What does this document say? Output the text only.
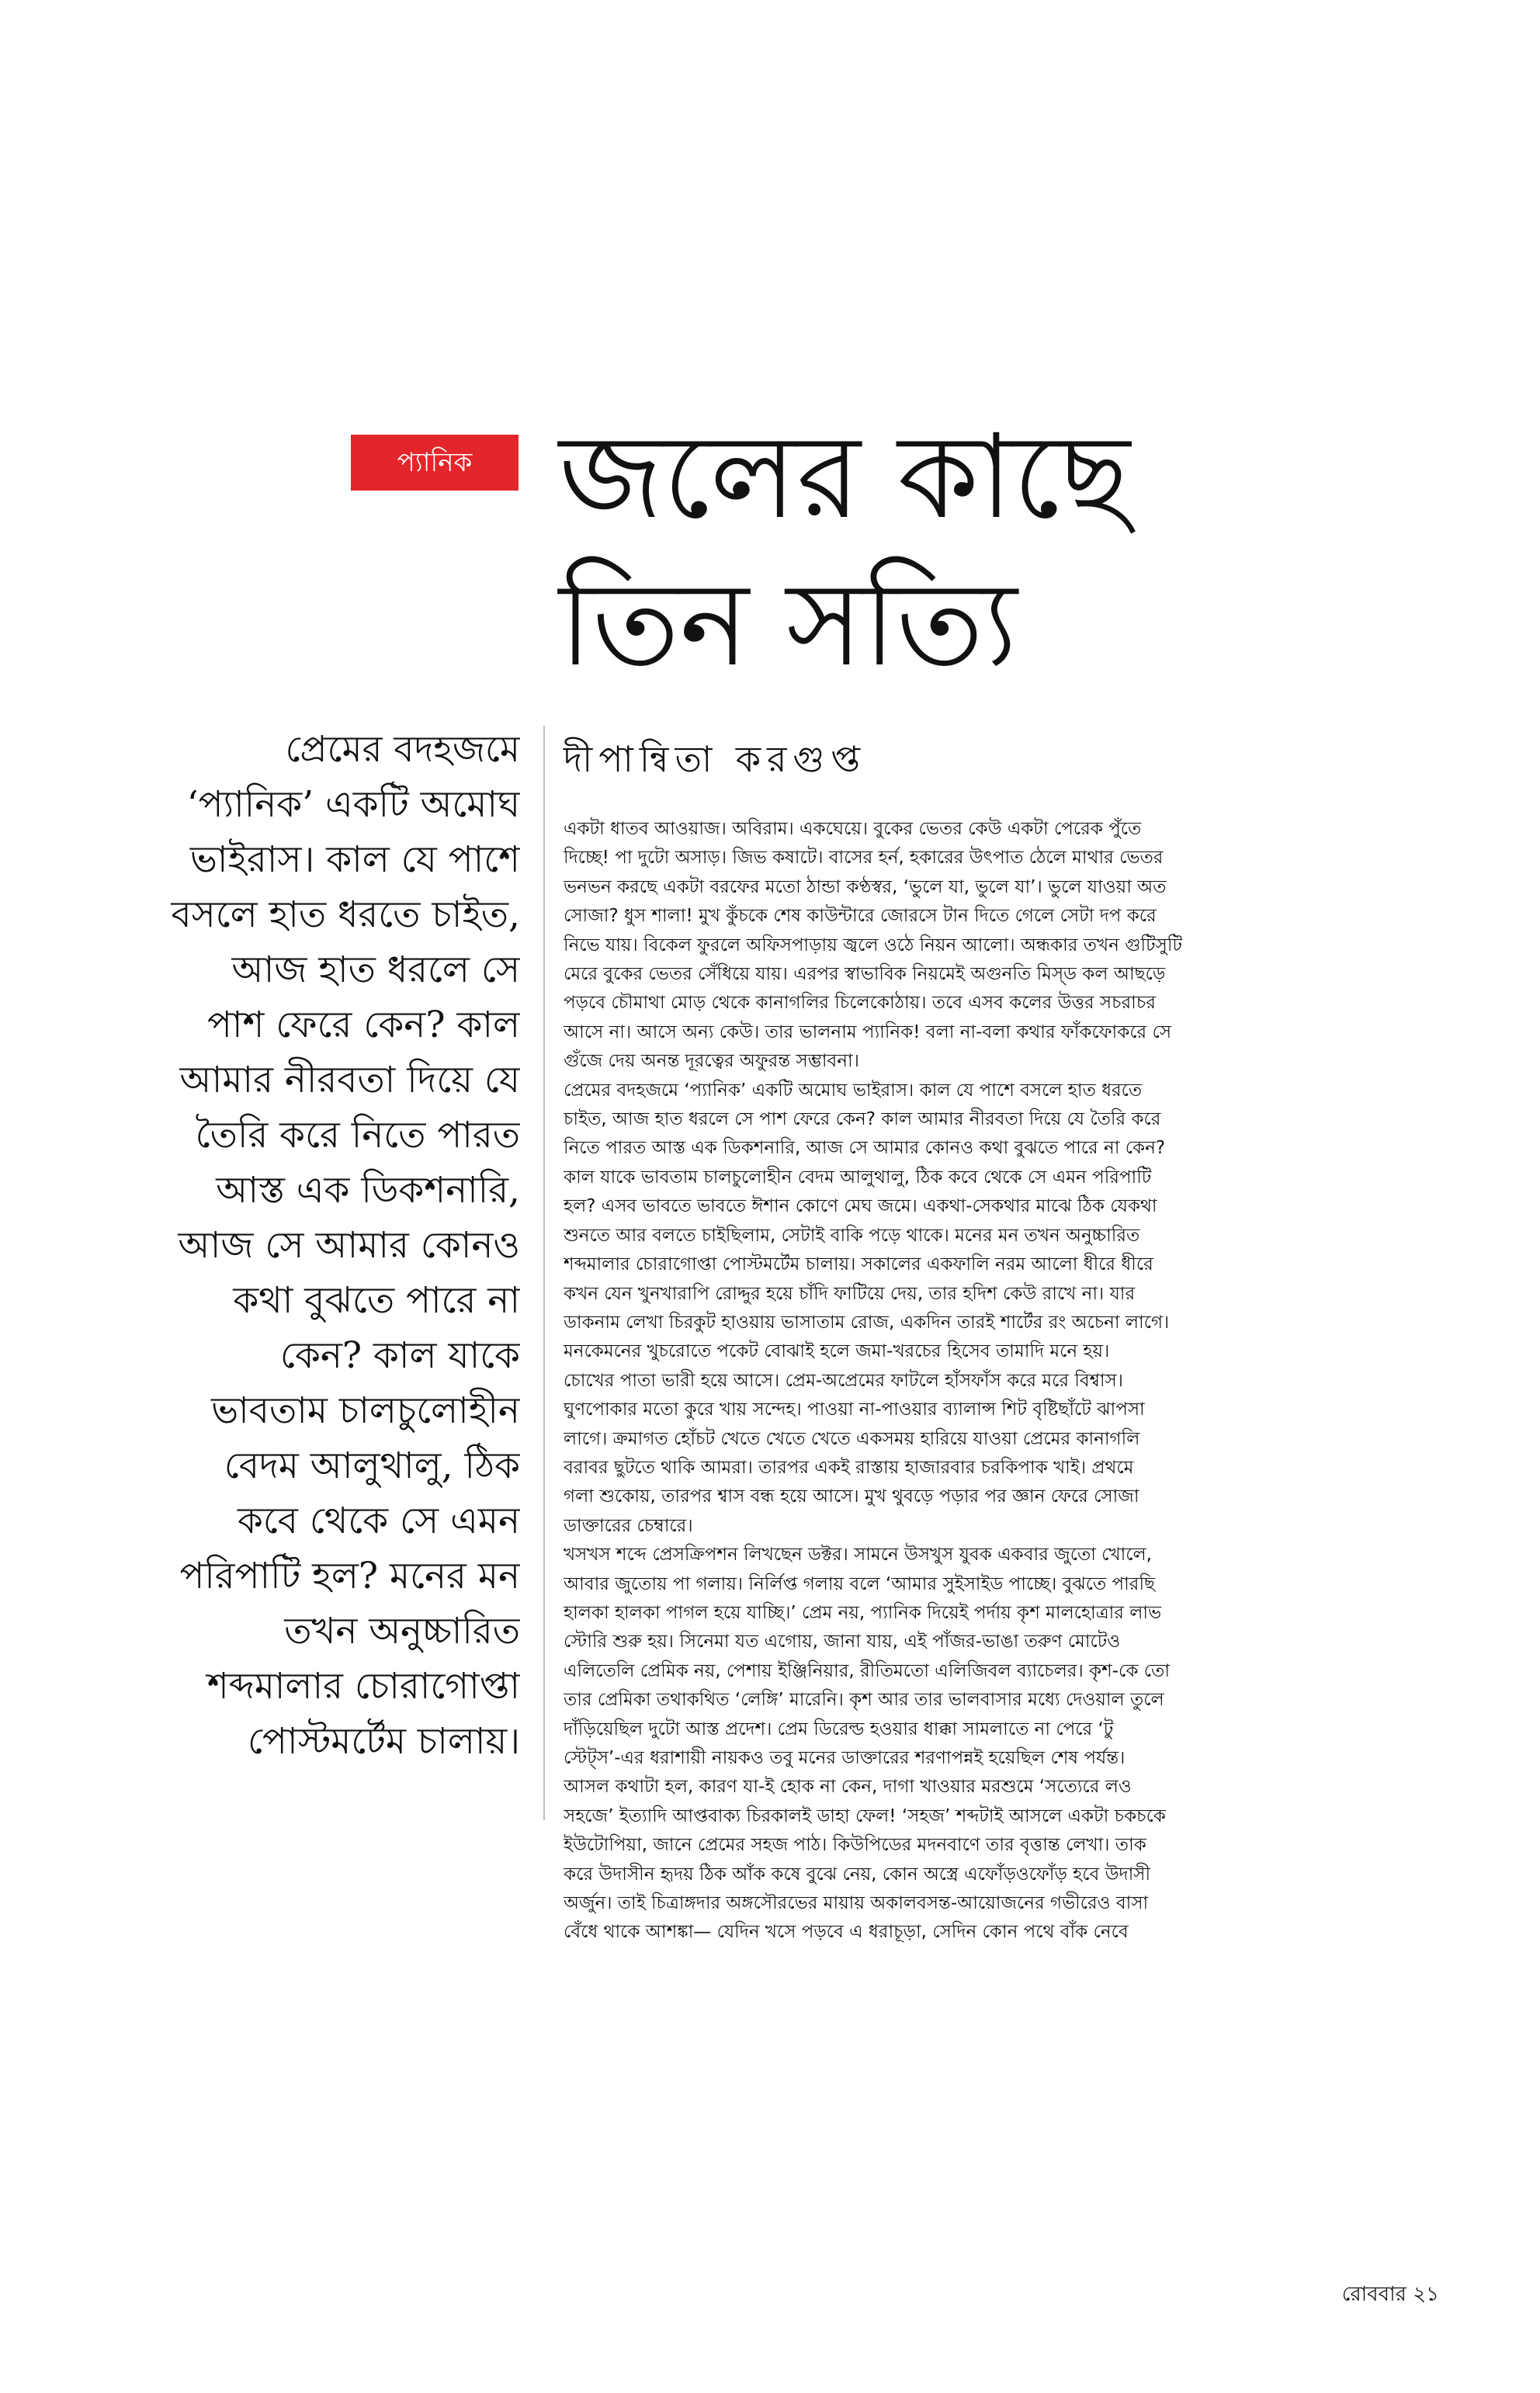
প্যানিক জলের কাছে
তিন সত্যি
দীপান্বিতা করগুপ্ত
প্রেমের বদহজমে
‘প্যানিক’ একটি অমোঘ
ভাইরাস। কাল যে পাশে
বসলে হাত ধরতে চাইত,
আজ হাত ধরলে সে
পাশ ফেরে কেন? কাল
আমার নীরবতা দিয়ে যে
তৈরি করে নিতে পারত
আস্ত এক ডিকশনারি,
আজ সে আমার কোনও
কথা বুঝতে পারে না
কেন? কাল যাকে
ভাবতাম চালচুলোহীন
বেদম আলুথালু, ঠিক
কবে থেকে সে এমন
পরিপাটি হল? মনের মন
তখন অনুচ্চারিত
শব্দমালার চোরাগোপ্তা
পোস্টমর্টেম চালায়।
একটা ধাতব আওয়াজ। অবিরাম। একঘেয়ে। বুকের ভেতর কেউ একটা পেরেক পুঁতে
দিচ্ছে! পা দুটো অসাড়। জিভ কষাটে। বাসের হর্ন, হকারের উৎপাত ঠেলে মাথার ভেতর
ভনভন করছে একটা বরফের মতো ঠান্ডা কণ্ঠস্বর, ‘ভুলে যা, ভুলে যা’। ভুলে যাওয়া অত
সোজা? ধুস শালা! মুখ কুঁচকে শেষ কাউন্টারে জোরসে টান দিতে গেলে সেটা দপ করে
নিভে যায়। বিকেল ফুরলে অফিসপাড়ায় জ্বলে ওঠে নিয়ন আলো। অন্ধকার তখন গুটিসুটি
মেরে বুকের ভেতর সেঁধিয়ে যায়। এরপর স্বাভাবিক নিয়মেই অগুনতি মিস্‌ড কল আছড়ে
পড়বে চৌমাথা মোড় থেকে কানাগলির চিলেকোঠায়। তবে এসব কলের উত্তর সচরাচর
আসে না। আসে অন্য কেউ। তার ভালনাম প্যানিক! বলা না-বলা কথার ফাঁকফোকরে সে
গুঁজে দেয় অনন্ত দূরত্বের অফুরন্ত সম্ভাবনা।
প্রেমের বদহজমে ‘প্যানিক’ একটি অমোঘ ভাইরাস। কাল যে পাশে বসলে হাত ধরতে
চাইত, আজ হাত ধরলে সে পাশ ফেরে কেন? কাল আমার নীরবতা দিয়ে যে তৈরি করে
নিতে পারত আস্ত এক ডিকশনারি, আজ সে আমার কোনও কথা বুঝতে পারে না কেন?
কাল যাকে ভাবতাম চালচুলোহীন বেদম আলুথালু, ঠিক কবে থেকে সে এমন পরিপাটি
হল? এসব ভাবতে ভাবতে ঈশান কোণে মেঘ জমে। একথা-সেকথার মাঝে ঠিক যেকথা
শুনতে আর বলতে চাইছিলাম, সেটাই বাকি পড়ে থাকে। মনের মন তখন অনুচ্চারিত
শব্দমালার চোরাগোপ্তা পোস্টমর্টেম চালায়। সকালের একফালি নরম আলো ধীরে ধীরে
কখন যেন খুনখারাপি রোদ্দুর হয়ে চাঁদি ফাটিয়ে দেয়, তার হদিশ কেউ রাখে না। যার
ডাকনাম লেখা চিরকুট হাওয়ায় ভাসাতাম রোজ, একদিন তারই শার্টের রং অচেনা লাগে।
মনকেমনের খুচরোতে পকেট বোঝাই হলে জমা-খরচের হিসেব তামাদি মনে হয়।
চোখের পাতা ভারী হয়ে আসে। প্রেম-অপ্রেমের ফাটলে হাঁসফাঁস করে মরে বিশ্বাস।
ঘুণপোকার মতো কুরে খায় সন্দেহ। পাওয়া না-পাওয়ার ব্যালান্স শিট বৃষ্টিছাঁটে ঝাপসা
লাগে। ক্রমাগত হোঁচট খেতে খেতে খেতে একসময় হারিয়ে যাওয়া প্রেমের কানাগলি
বরাবর ছুটতে থাকি আমরা। তারপর একই রাস্তায় হাজারবার চরকিপাক খাই। প্রথমে
গলা শুকোয়, তারপর শ্বাস বন্ধ হয়ে আসে। মুখ থুবড়ে পড়ার পর জ্ঞান ফেরে সোজা
ডাক্তারের চেম্বারে।
খসখস শব্দে প্রেসক্রিপশন লিখছেন ডক্টর। সামনে উসখুস যুবক একবার জুতো খোলে,
আবার জুতোয় পা গলায়। নির্লিপ্ত গলায় বলে ‘আমার সুইসাইড পাচ্ছে। বুঝতে পারছি
হালকা হালকা পাগল হয়ে যাচ্ছি।’ প্রেম নয়, প্যানিক দিয়েই পর্দায় কৃশ মালহোত্রার লাভ
স্টোরি শুরু হয়। সিনেমা যত এগোয়, জানা যায়, এই পাঁজর-ভাঙা তরুণ মোটেও
এলিতেলি প্রেমিক নয়, পেশায় ইঞ্জিনিয়ার, রীতিমতো এলিজিবল ব্যাচেলর। কৃশ-কে তো
তার প্রেমিকা তথাকথিত ‘লেঙ্গি’ মারেনি। কৃশ আর তার ভালবাসার মধ্যে দেওয়াল তুলে
দাঁড়িয়েছিল দুটো আস্ত প্রদেশ। প্রেম ডিরেল্ড হওয়ার ধাক্কা সামলাতে না পেরে ‘টু
স্টেট্‌স’-এর ধরাশায়ী নায়কও তবু মনের ডাক্তারের শরণাপন্নই হয়েছিল শেষ পর্যন্ত।
আসল কথাটা হল, কারণ যা-ই হোক না কেন, দাগা খাওয়ার মরশুমে ‘সত্যেরে লও
সহজে’ ইত্যাদি আপ্তবাক্য চিরকালই ডাহা ফেল! ‘সহজ’ শব্দটাই আসলে একটা চকচকে
ইউটোপিয়া, জানে প্রেমের সহজ পাঠ। কিউপিডের মদনবাণে তার বৃত্তান্ত লেখা। তাক
করে উদাসীন হৃদয় ঠিক আঁক কষে বুঝে নেয়, কোন অস্ত্রে এফোঁড়ওফোঁড় হবে উদাসী
অর্জুন। তাই চিত্রাঙ্গদার অঙ্গসৌরভের মায়ায় অকালবসন্ত-আয়োজনের গভীরেও বাসা
বেঁধে থাকে আশঙ্কা— যেদিন খসে পড়বে এ ধরাচূড়া, সেদিন কোন পথে বাঁক নেবে
রোববার ২১
